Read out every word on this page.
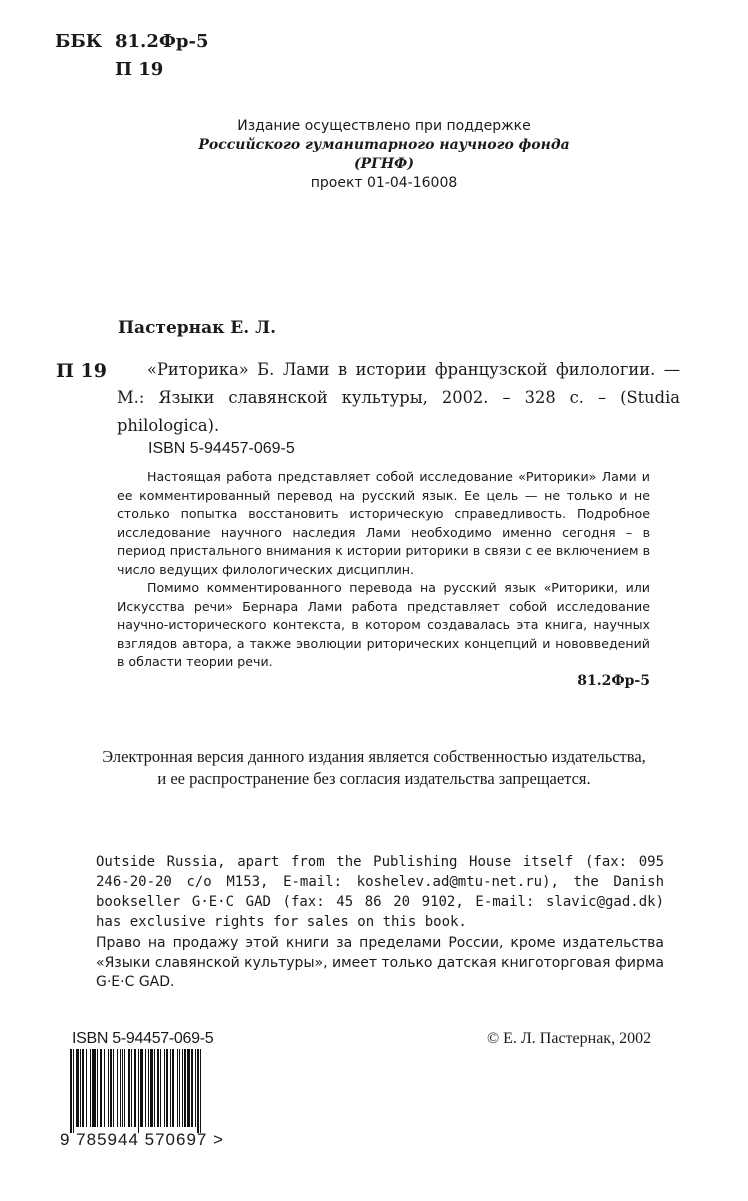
ББК 81.2Фр-5
П 19
Издание осуществлено при поддержке
Российского гуманитарного научного фонда
(РГНФ)
проект 01-04-16008
Пастернак Е. Л.
П 19	«Риторика» Б. Лами в истории французской филологии. — М.: Языки славянской культуры, 2002. – 328 с. – (Studia philologica).
ISBN 5-94457-069-5

Настоящая работа представляет собой исследование «Риторики» Лами и ее комментированный перевод на русский язык. Ее цель — не только и не столько попытка восстановить историческую справедливость. Подробное исследование научного наследия Лами необходимо именно сегодня – в период пристального внимания к истории риторики в связи с ее включением в число ведущих филологических дисциплин.

Помимо комментированного перевода на русский язык «Риторики, или Искусства речи» Бернара Лами работа представляет собой исследование научно-исторического контекста, в котором создавалась эта книга, научных взглядов автора, а также эволюции риторических концепций и нововведений в области теории речи.

81.2Фр-5
Электронная версия данного издания является собственностью издательства,
и ее распространение без согласия издательства запрещается.
Outside Russia, apart from the Publishing House itself (fax: 095 246-20-20 c/o M153, E-mail: koshelev.ad@mtu-net.ru), the Danish bookseller G·E·C GAD (fax: 45 86 20 9102, E-mail: slavic@gad.dk) has exclusive rights for sales on this book.
Право на продажу этой книги за пределами России, кроме издательства «Языки славянской культуры», имеет только датская книготорговая фирма G·E·C GAD.
ISBN 5-94457-069-5
9 785944 570697 >
© Е. Л. Пастернак, 2002
